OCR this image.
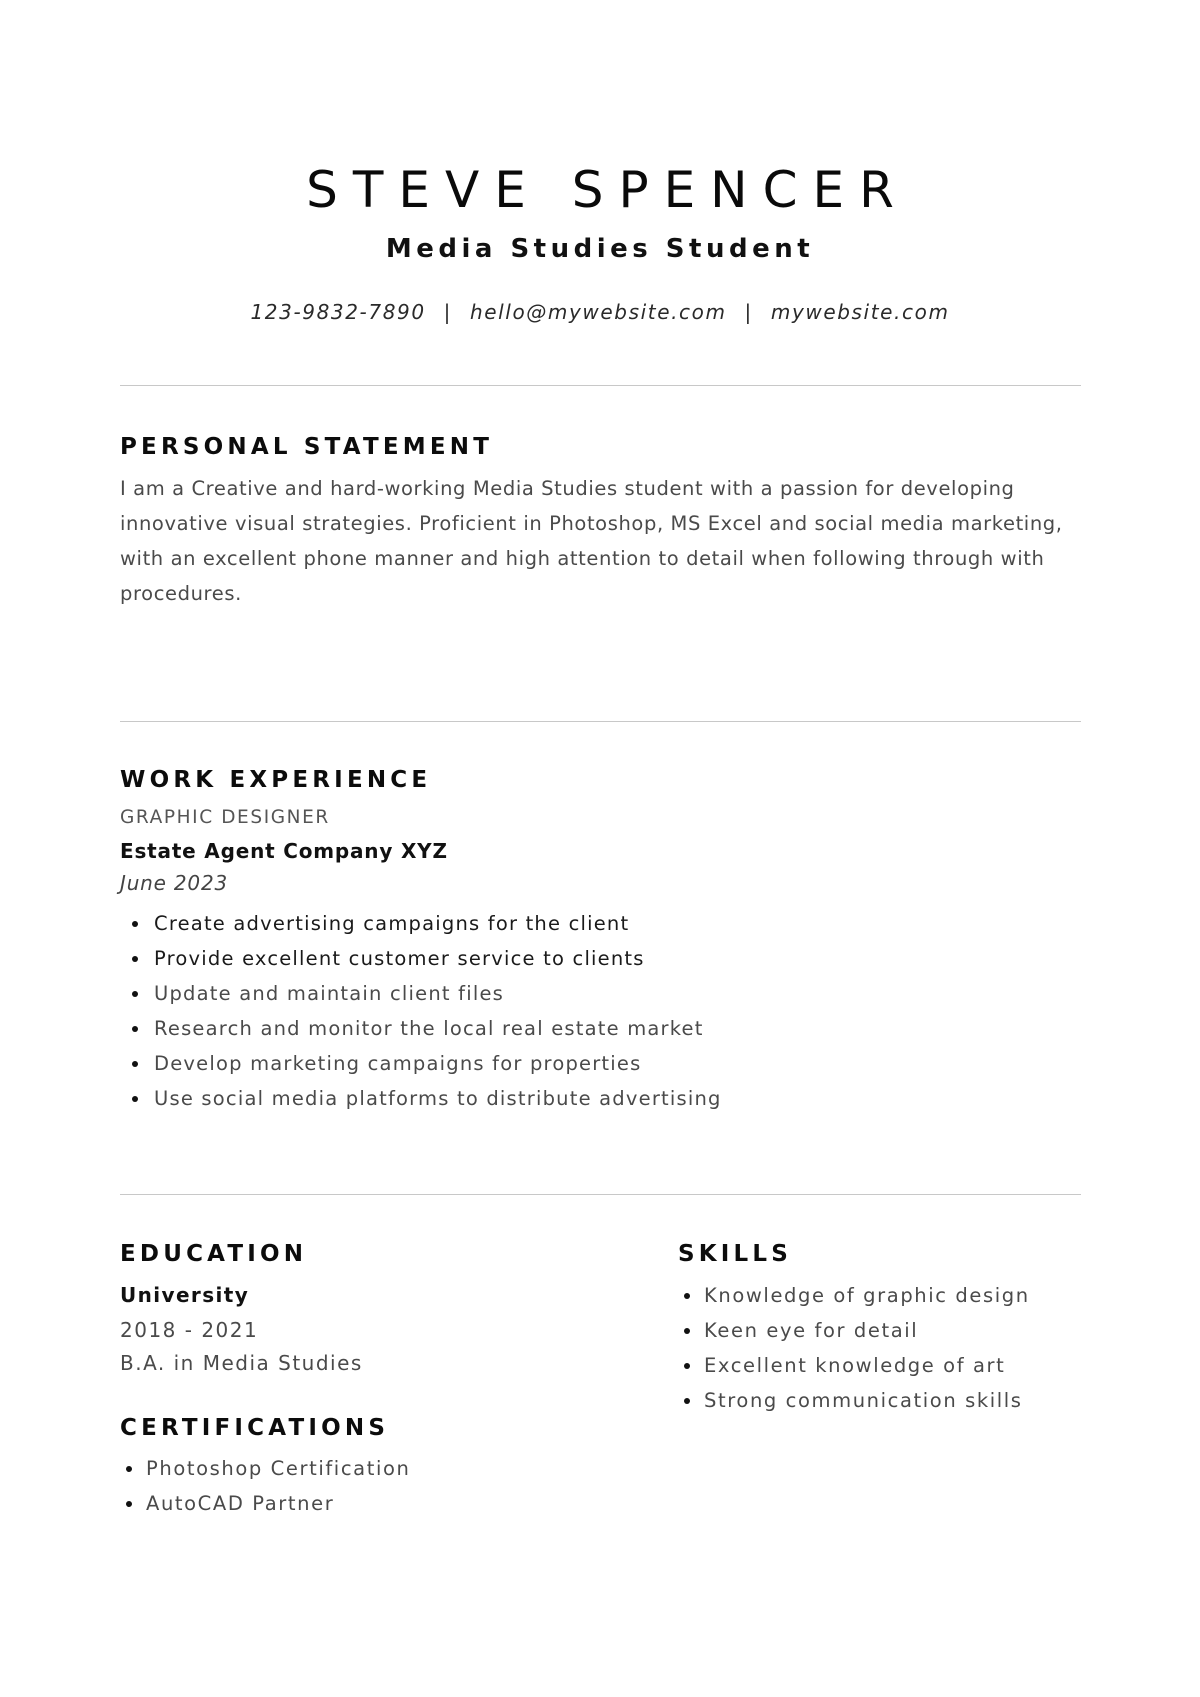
STEVE SPENCER
Media Studies Student
123-9832-7890 | hello@mywebsite.com | mywebsite.com
PERSONAL STATEMENT
I am a Creative and hard-working Media Studies student with a passion for developing innovative visual strategies. Proficient in Photoshop, MS Excel and social media marketing, with an excellent phone manner and high attention to detail when following through with procedures.
WORK EXPERIENCE
GRAPHIC DESIGNER
Estate Agent Company XYZ
June 2023
Create advertising campaigns for the client
Provide excellent customer service to clients
Update and maintain client files
Research and monitor the local real estate market
Develop marketing campaigns for properties
Use social media platforms to distribute advertising
EDUCATION
University
2018 - 2021
B.A. in Media Studies
CERTIFICATIONS
Photoshop Certification
AutoCAD Partner
SKILLS
Knowledge of graphic design
Keen eye for detail
Excellent knowledge of art
Strong communication skills
